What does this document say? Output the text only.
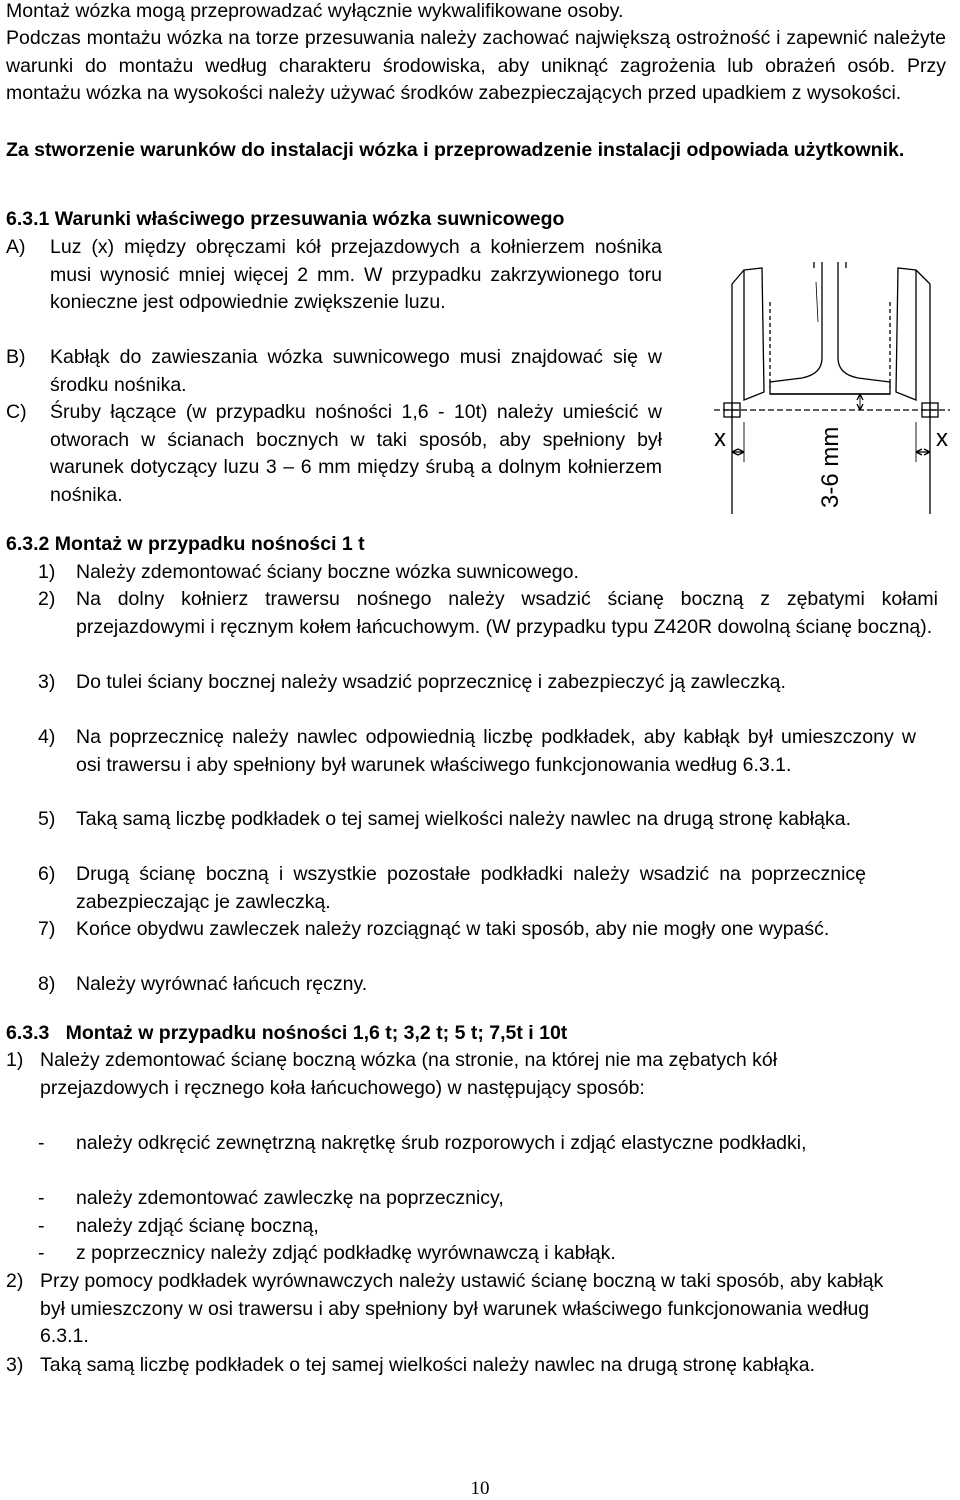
Montaż wózka mogą przeprowadzać wyłącznie wykwalifikowane osoby.

Podczas montażu wózka na torze przesuwania należy zachować największą ostrożność i zapewnić należyte warunki do montażu według charakteru środowiska, aby uniknąć zagrożenia lub obrażeń osób. Przy montażu wózka na wysokości należy używać środków zabezpieczających przed upadkiem z wysokości.

Za stworzenie warunków do instalacji wózka i przeprowadzenie instalacji odpowiada użytkownik.

6.3.1 Warunki właściwego przesuwania wózka suwnicowego

A) Luz (x) między obręczami kół przejazdowych a kołnierzem nośnika musi wynosić mniej więcej 2 mm. W przypadku zakrzywionego toru konieczne jest odpowiednie zwiększenie luzu.
B) Kabłąk do zawieszania wózka suwnicowego musi znajdować się w środku nośnika.
C) Śruby łączące (w przypadku nośności 1,6 - 10t) należy umieścić w otworach w ścianach bocznych w taki sposób, aby spełniony był warunek dotyczący luzu 3 – 6 mm między śrubą a dolnym kołnierzem nośnika.
x	x
3-6 mm

6.3.2 Montaż w przypadku nośności 1 t

1) Należy zdemontować ściany boczne wózka suwnicowego.
2) Na dolny kołnierz trawersu nośnego należy wsadzić ścianę boczną z zębatymi kołami przejazdowymi i ręcznym kołem łańcuchowym. (W przypadku typu Z420R dowolną ścianę boczną).
3) Do tulei ściany bocznej należy wsadzić poprzecznicę i zabezpieczyć ją zawleczką.
4) Na poprzecznicę należy nawlec odpowiednią liczbę podkładek, aby kabłąk był umieszczony w osi trawersu i aby spełniony był warunek właściwego funkcjonowania według 6.3.1.
5) Taką samą liczbę podkładek o tej samej wielkości należy nawlec na drugą stronę kabłąka.
6) Drugą ścianę boczną i wszystkie pozostałe podkładki należy wsadzić na poprzecznicę zabezpieczając je zawleczką.
7) Końce obydwu zawleczek należy rozciągnąć w taki sposób, aby nie mogły one wypaść.
8) Należy wyrównać łańcuch ręczny.

6.3.3   Montaż w przypadku nośności 1,6 t; 3,2 t; 5 t; 7,5t i 10t

1) Należy zdemontować ścianę boczną wózka (na stronie, na której nie ma zębatych kół przejazdowych i ręcznego koła łańcuchowego) w następujący sposób:
- należy odkręcić zewnętrzną nakrętkę śrub rozporowych i zdjąć elastyczne podkładki,
- należy zdemontować zawleczkę na poprzecznicy,
- należy zdjąć ścianę boczną,
- z poprzecznicy należy zdjąć podkładkę wyrównawczą i kabłąk.
2) Przy pomocy podkładek wyrównawczych należy ustawić ścianę boczną w taki sposób, aby kabłąk był umieszczony w osi trawersu i aby spełniony był warunek właściwego funkcjonowania według 6.3.1.
3) Taką samą liczbę podkładek o tej samej wielkości należy nawlec na drugą stronę kabłąka.
10
